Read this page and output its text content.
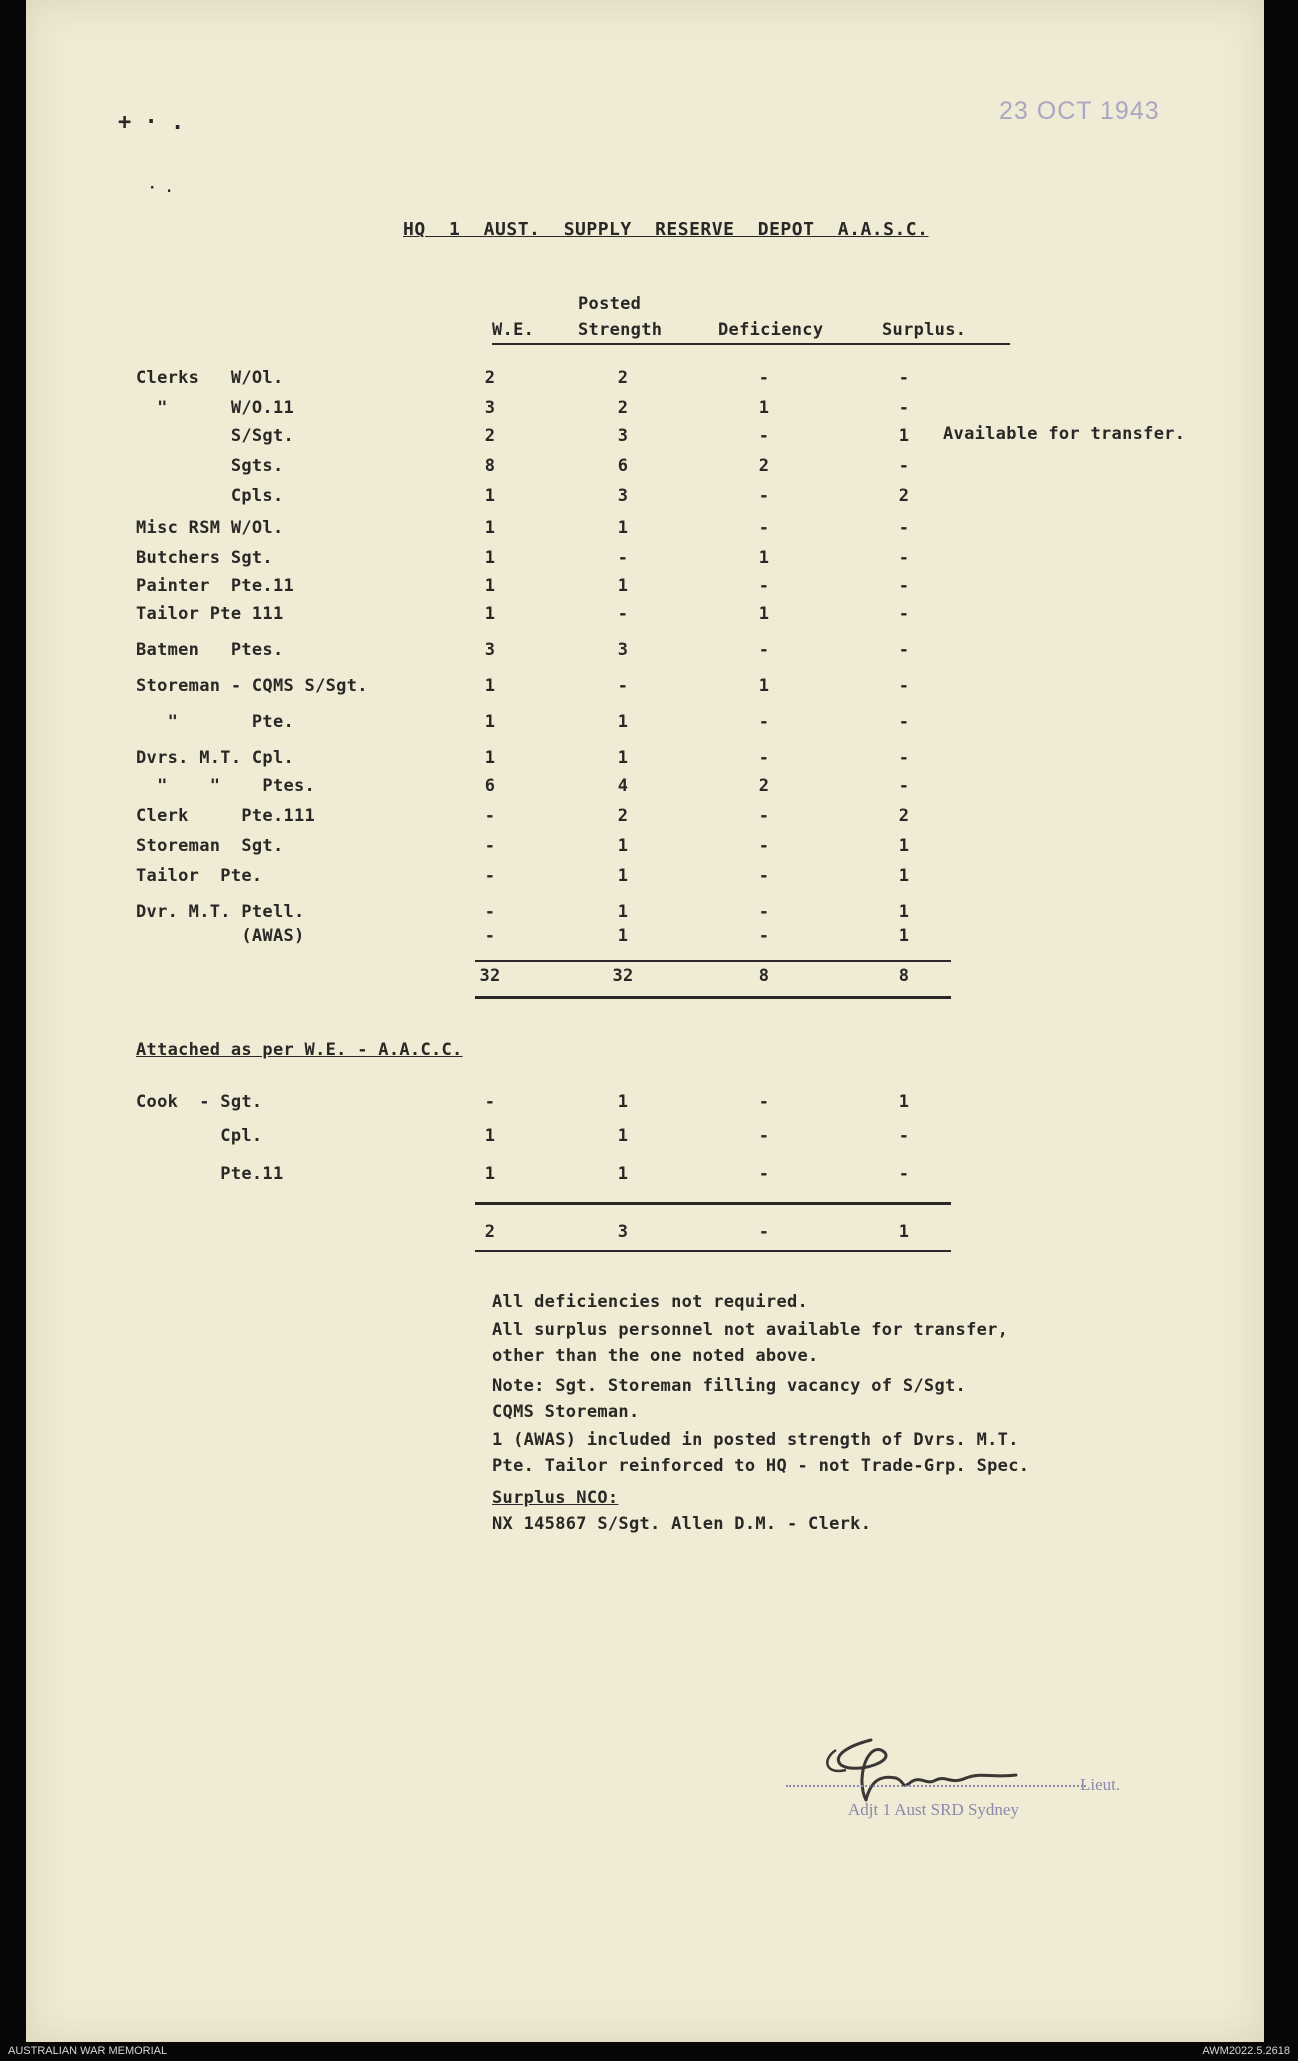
23 OCT 1943
+ · .
· .
HQ 1 AUST. SUPPLY RESERVE DEPOT A.A.S.C.
W.E.
Posted
Strength	Deficiency	Surplus.
Clerks   W/Ol.	2	2	-	-
"      W/O.11	3	2	1	-
S/Sgt.	2	3	-	1
Sgts.	8	6	2	-
Cpls.	1	3	-	2
Misc RSM W/Ol.	1	1	-	-
Butchers Sgt.	1	-	1	-
Painter  Pte.11	1	1	-	-
Tailor Pte 111	1	-	1	-
Batmen   Ptes.	3	3	-	-
Storeman - CQMS S/Sgt.	1	-	1	-
"       Pte.	1	1	-	-
Dvrs. M.T. Cpl.	1	1	-	-
"    "    Ptes.	6	4	2	-
Clerk     Pte.111	-	2	-	2
Storeman  Sgt.	-	1	-	1
Tailor  Pte.	-	1	-	1
Dvr. M.T. Ptell.	-	1	-	1
(AWAS)	-	1	-	1
Available for transfer.
32	32	8	8
Attached as per W.E. - A.A.C.C.
Cook  - Sgt.	-	1	-	1
Cpl.	1	1	-	-
Pte.11	1	1	-	-
2	3	-	1
All deficiencies not required.
All surplus personnel not available for transfer,
other than the one noted above.
Note: Sgt. Storeman filling vacancy of S/Sgt.
CQMS Storeman.
1 (AWAS) included in posted strength of Dvrs. M.T.
Pte. Tailor reinforced to HQ - not Trade-Grp. Spec.
Surplus NCO:
NX 145867 S/Sgt. Allen D.M. - Clerk.
Lieut.
Adjt 1 Aust SRD Sydney
AUSTRALIAN WAR MEMORIAL	AWM2022.5.2618
